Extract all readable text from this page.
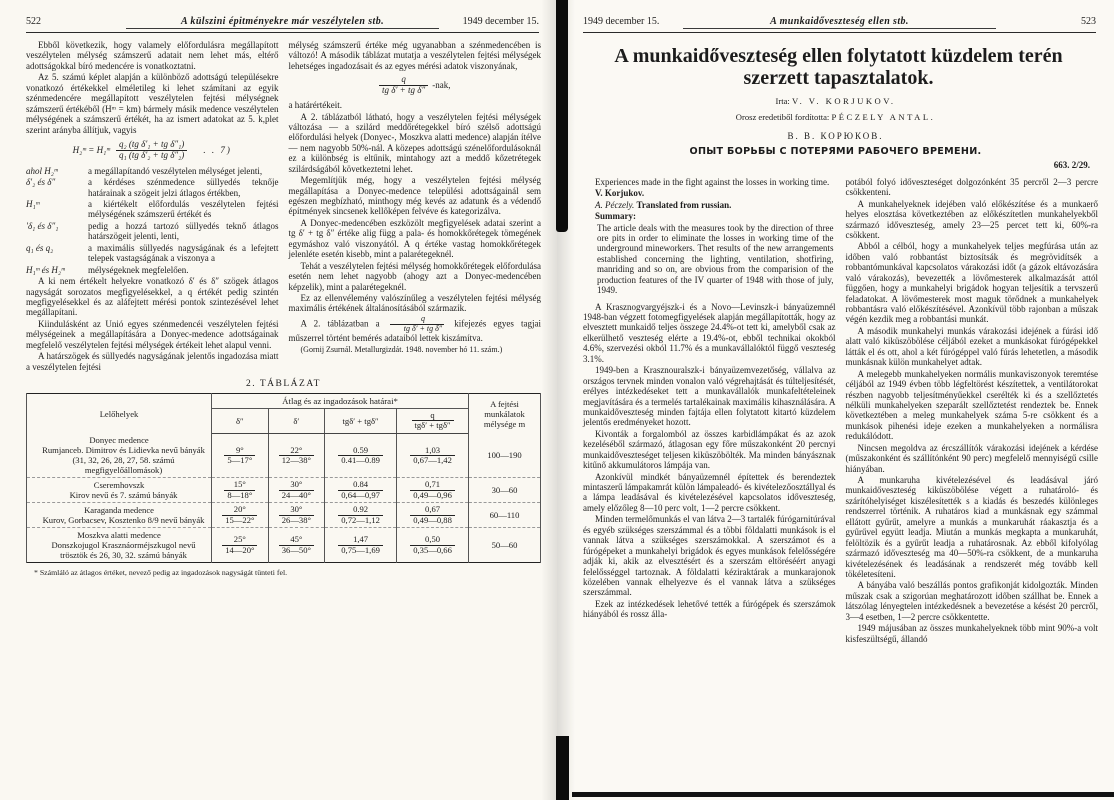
522	A külszini épitményekre már veszélytelen stb.	1949 december 15.

Ebből következik, hogy valamely előfordulásra megállapított veszélytelen mélység számszerű adatait nem lehet más, eltérő adottságokkal bíró medencére is vonatkoztatni.

Az 5. számú képlet alapján a különböző adottságú településekre vonatkozó értékekkel elméletileg ki lehet számítani az egyik szénmedencére megállapított veszélytelen fejtési mélységnek számszerű értékéből (Hᵐ = km) bármely másik medence veszélytelen mélységének a számszerű értékét, ha az ismert adatokat az 5. k,plet szerint arányba állítjuk, vagyis

H₂ᵐ = H₁ᵐ $\frac{\text{q₂ (tg δ′₁ + tg δ″₁)}}{\text{q₁ (tg δ′₂ + tg δ″₂)}}$ . . 7)
ahol H₂ᵐ	a megállapítandó veszélytelen mélységet jelenti,
δ′₂ és δ″	a kérdéses szénmedence süllyedés teknője határainak a szögeit jelzi átlagos értékben,
H₁ᵐ	a kiértékelt előfordulás veszélytelen fejtési mélységének számszerű értékét és
′δ₁ és δ″₁	pedig a hozzá tartozó süllyedés teknő átlagos határszögeit jelenti, lenti,
q₁ és q₂	a maximális süllyedés nagyságának és a lefejtett telepek vastagságának a viszonya a
H₁ᵐ és H₂ᵐ	mélységeknek megfelelően.

A ki nem értékelt helyekre vonatkozó δ′ és δ″ szögek átlagos nagyságát sorozatos megfigyelésekkel, a q értékét pedig szintén megfigyelésekkel és az aláfejtett mérési pontok szintezésével lehet megállapítani.

Kiindulásként az Unió egyes szénmedencéi veszélytelen fejtési mélységeinek a megállapítására a Donyec-medence adottságainak megfelelő veszélytelen fejtési mélységek értékeit lehet alapul venni.

A határszögek és süllyedés nagyságának jelentős ingadozása miatt a veszélytelen fejtési

mélység számszerű értéke még ugyanabban a szénmedencében is változó! A második táblázat mutatja a veszélytelen fejtési mélységek lehetséges ingadozásait és az egyes mérési adatok viszonyának,

$\frac{q}{\text{tg δ′ + tg δ″}} -nak$,

a határértékeit.

A 2. táblázatból látható, hogy a veszélytelen fejtési mélységek változása — a szilárd meddőrétegekkel bíró szélső adottságú előfordulási helyek (Donyec-, Moszkva alatti medence) alapján ítélve — nem nagyobb 50%-nál. A közepes adottságú szénelőfordulásoknál ez a különbség is eltűnik, mintahogy azt a meddő kőzetrétegek szilárdságából következtetni lehet.

Megemlítjük még, hogy a veszélytelen fejtési mélység megállapítása a Donyec-medence települési adottságainál sem egészen megbízható, minthogy még kevés az adatunk és a védendő építmények sincsenek kellőképen felvéve és kategorizálva.

A Donyec-medencében eszközölt megfigyelések adatai szerint a tg δ′ + tg δ″ értéke alig függ a pala- és homokkőrétegek tömegének egymáshoz való viszonyától. A q értéke vastag homokkőrétegek jelenléte esetén kisebb, mint a palarétegeknél.

Tehát a veszélytelen fejtési mélység homokkőrétegek előfordulása esetén nem lehet nagyobb (ahogy azt a Donyec-medencében képzelik), mint a palarétegeknél.

Ez az ellenvélemény valószínűleg a veszélytelen fejtési mélység maximális értékének általánosításából származik.

A 2. táblázatban a $\frac{q}{\text{tg δ′ + tg δ″}}$ kifejezés egyes tagjai műszerrel történt bemérés adataiból lettek kiszámítva.

(Gornij Zsurnál. Metallurgizdát. 1948. november hó 11. szám.)

2. TÁBLÁZAT
Lelőhelyek	Átlag és az ingadozások határai*				A fejtési munkálatok mélysége m
	δ″	δ′	tgδ′ + tgδ″	$\frac{q}{\text{tgδ′ + tgδ″}}$

Donyec medence
Rumjanceb. Dimitrov és Lidievka nevű bányák (31, 32, 26, 28, 27, 58. számú megfigyelőállomások)

$\frac{9^\circ}{5—17^\circ}$	$\frac{22^\circ}{12—38^\circ}$	$\frac{0.59}{0.41—0.89}$	$\frac{1,03}{0,67—1,42}$	100—190

Cseremhovszk
Kirov nevű és 7. számú bányák	$\frac{15^\circ}{8—18^\circ}$	$\frac{30^\circ}{24—40^\circ}$	$\frac{0.84}{0,64—0,97}$	$\frac{0,71}{0,49—0,96}$	30—60

Karaganda medence
Kurov, Gorbacsev, Kosztenko 8/9 nevű bányák	$\frac{20^\circ}{15—22^\circ}$	$\frac{30^\circ}{26—38^\circ}$	$\frac{0.92}{0,72—1,12}$	$\frac{0,67}{0,49—0,88}$	60—110

Moszkva alatti medence
Donszkojugol Krasznáorméjszkugol nevű trösztök és 26, 30, 32. számú bányák

$\frac{25^\circ}{14—20^\circ}$	$\frac{45^\circ}{36—50^\circ}$	$\frac{1,47}{0,75—1,69}$	$\frac{0,50}{0,35—0,66}$	50—60
* Számláló az átlagos értéket, nevező pedig az ingadozások nagyságát tünteti fel.
1949 december 15.	A munkaidőveszteség ellen stb.	523
A munkaidőveszteség ellen folytatott küzdelem terén szerzett tapasztalatok.
Irta: V. V. KORJUKOV.
Orosz eredetiből fordította: PÉCZELY ANTAL.
В. В. КОРЮКОВ.
ОПЫТ БОРЬБЫ С ПОТЕРЯМИ РАБОЧЕГО ВРЕМЕНИ.
663. 2/29.

Experiences made in the fight against the losses in working time.

V. Korjukov.

A. Péczely. Translated from russian.

Summary:

The article deals with the measures took by the direction of three ore pits in order to eliminate the losses in working time of the underground mineworkers. Thet results of the new arrangements established concerning the lighting, ventilation, shotfiring, manriding and so on, are obvious from the comparision of the production features of the IV quarter of 1948 with those of july, 1949.

A Krasznogvargyéjszk-i és a Novo—Levinszk-i bányaüzemnél 1948-ban végzett fotomegfigyelések alapján megállapították, hogy az elvesztett munkaidő teljes összege 24.4%-ot tett ki, amelyből csak az elkerülhető veszteség elérte a 19.4%-ot, ebből technikai okokból 4.6%, szervezési okból 11.7% és a munkavállalóktól függő veszteség 3.1%.

1949-ben a Krasznouralszk-i bányaüzemvezetőség, vállalva az országos tervnek minden vonalon való végrehajtását és túlteljesítését, erélyes intézkedéseket tett a munkavállalók munkafeltételeinek megjavítására és a termelés tartalékainak maximális kihasználására. A munkaidőveszteség minden fajtája ellen folytatott kitartó küzdelem jelentős eredményeket hozott.

Kivonták a forgalomból az összes karbidlámpákat és az azok kezeléséből származó, átlagosan egy főre műszakonként 20 percnyi munkaidőveszteséget teljesen kiküszöbölték. Ma minden bányásznak kitűnő akkumulátoros lámpája van.

Azonkívül mindkét bányaüzemnél építettek és berendeztek mintaszerű lámpakamrát külön lámpaleadó- és kivételezőosztállyal és a lámpa leadásával és kivételezésével kapcsolatos időveszteség, amely előzőleg 8—10 perc volt, 1—2 percre csökkent.

Minden termelőmunkás el van látva 2—3 tartalék fúrógarnitúrával és egyéb szükséges szerszámmal és a többi földalatti munkások is el vannak látva a szükséges szerszámokkal. A szerszámot és a fúrógépeket a munkahelyi brigádok és egyes munkások felelősségére adják ki, akik az elvesztésért és a szerszám eltöréséért anyagi felelősséggel tartoznak. A földalatti kéziraktárak a munkarajonok közelében vannak elhelyezve és el vannak látva a szükséges szerszámmal.

Ezek az intézkedések lehetővé tették a fúrógépek és szerszámok hiányából és rossz álla-

potából folyó időveszteséget dolgozónként 35 percről 2—3 percre csökkenteni.

A munkahelyeknek idejében való előkészítése és a munkaerő helyes elosztása következtében az előkészítetlen munkahelyekből származó időveszteség, amely 23—25 percet tett ki, 60%-ra csökkent.

Abból a célból, hogy a munkahelyek teljes megfúrása után az időben való robbantást biztosítsák és megrövidítsék a robbantómunkával kapcsolatos várakozási időt (a gázok eltávozására való várakozás), bevezették a lövőmesterek alkalmazását attól függően, hogy a munkahelyi brigádok hogyan teljesítik a tervszerű feladatokat. A lövőmesterek most maguk törődnek a munkahelyek robbantásra való előkészítésével. Azonkívül több rajonban a műszak végén kezdik meg a robbantási munkát.

A második munkahelyi munkás várakozási idejének a fúrási idő alatt való kiküszöbölése céljából ezeket a munkásokat fúrógépekkel látták el és ott, ahol a két fúrógéppel való fúrás lehetetlen, a második munkásnak külön munkahelyet adtak.

A melegebb munkahelyeken normális munkaviszonyok teremtése céljából az 1949 évben több légfeltörést készítettek, a ventilátorokat részben nagyobb teljesítményűekkel cserélték ki és a szellőztetés nélküli munkahelyeken szeparált szellőztetést rendeztek be. Ennek következtében a meleg munkahelyek száma 5-re csökkent és a munkások pihenési ideje ezeken a munkahelyeken a normálisra redukálódott.

Nincsen megoldva az ércszállítók várakozási idejének a kérdése (műszakonként és szállítónként 90 perc) megfelelő mennyiségű csille hiányában.

A munkaruha kivételezésével és leadásával járó munkaidőveszteség kiküszöbölése végett a ruhatároló- és szárítóhelyiséget kiszélesítették s a kiadás és beszedés különleges rendszerrel történik. A ruhatáros kiad a munkásnak egy számmal ellátott gyűrűt, amelyre a munkás a munkaruhát ráakasztja és a gyűrűvel együtt leadja. Miután a munkás megkapta a munkaruhát, felöltözik és a gyűrűt leadja a ruhatárosnak. Az ebből kifolyólag származó időveszteség ma 40—50%-ra csökkent, de a munkaruha kivételezésének és leadásának a rendszerét még tovább kell tökéletesíteni.

A bányába való beszállás pontos grafikonját kidolgozták. Minden műszak csak a szigorúan meghatározott időben szállhat be. Ennek a látszólag lényegtelen intézkedésnek a bevezetése a késést 20 percről, 3—4 esetben, 1—2 percre csökkentette.

1949 májusában az összes munkahelyeknek több mint 90%-a volt kisfeszültségű, állandó
